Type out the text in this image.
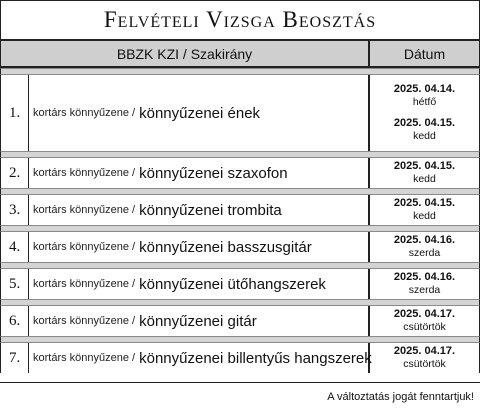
Felvételi Vizsga Beosztás
BBZK KZI / Szakirány	Dátum
1.	kortárs könnyűzene / könnyűzenei ének
2025. 04.14.
hétfő
2025. 04.15.
kedd
2.	kortárs könnyűzene / könnyűzenei szaxofon	2025. 04.15.
kedd
3.	kortárs könnyűzene / könnyűzenei trombita	2025. 04.15.
kedd
4.	kortárs könnyűzene / könnyűzenei basszusgitár	2025. 04.16.
szerda
5.	kortárs könnyűzene / könnyűzenei ütőhangszerek	2025. 04.16.
szerda
6.	kortárs könnyűzene / könnyűzenei gitár	2025. 04.17.
csütörtök
7.	kortárs könnyűzene / könnyűzenei billentyűs hangszerek 2025. 04.17.
csütörtök
A változtatás jogát fenntartjuk!
